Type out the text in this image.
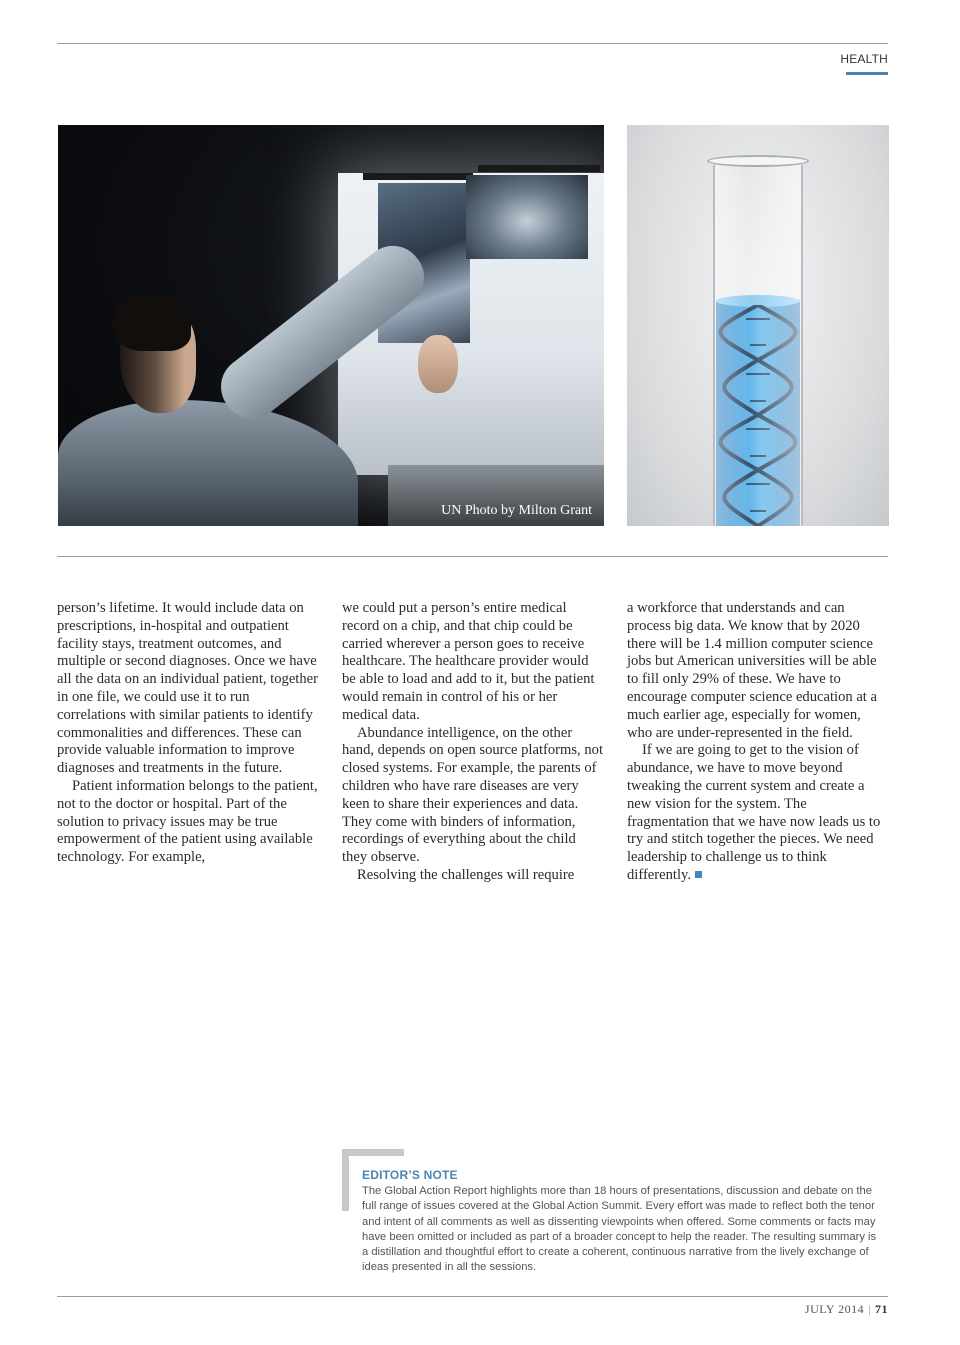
HEALTH
UN Photo by Milton Grant

person’s lifetime. It would include data on prescriptions, in-hospital and outpatient facility stays, treatment outcomes, and multiple or second diagnoses. Once we have all the data on an individual patient, together in one file, we could use it to run correlations with similar patients to identify commonalities and differences. These can provide valuable information to improve diagnoses and treatments in the future.

Patient information belongs to the patient, not to the doctor or hospital. Part of the solution to privacy issues may be true empowerment of the patient using available technology. For example,

we could put a person’s entire medical record on a chip, and that chip could be carried wherever a person goes to receive healthcare. The healthcare provider would be able to load and add to it, but the patient would remain in control of his or her medical data.

Abundance intelligence, on the other hand, depends on open source platforms, not closed systems. For example, the parents of children who have rare diseases are very keen to share their experiences and data. They come with binders of information, recordings of everything about the child they observe.

Resolving the challenges will require

a workforce that understands and can process big data. We know that by 2020 there will be 1.4 million computer science jobs but American universities will be able to fill only 29% of these. We have to encourage computer science education at a much earlier age, especially for women, who are under-represented in the field.

If we are going to get to the vision of abundance, we have to move beyond tweaking the current system and create a new vision for the system. The fragmentation that we have now leads us to try and stitch together the pieces. We need leadership to challenge us to think differently.

EDITOR’S NOTE
The Global Action Report highlights more than 18 hours of presentations, discussion and debate on the full range of issues covered at the Global Action Summit. Every effort was made to reflect both the tenor and intent of all comments as well as dissenting viewpoints when offered. Some comments or facts may have been omitted or included as part of a broader concept to help the reader. The resulting summary is a distillation and thoughtful effort to create a coherent, continuous narrative from the lively exchange of ideas presented in all the sessions.
JULY 2014 | 71
